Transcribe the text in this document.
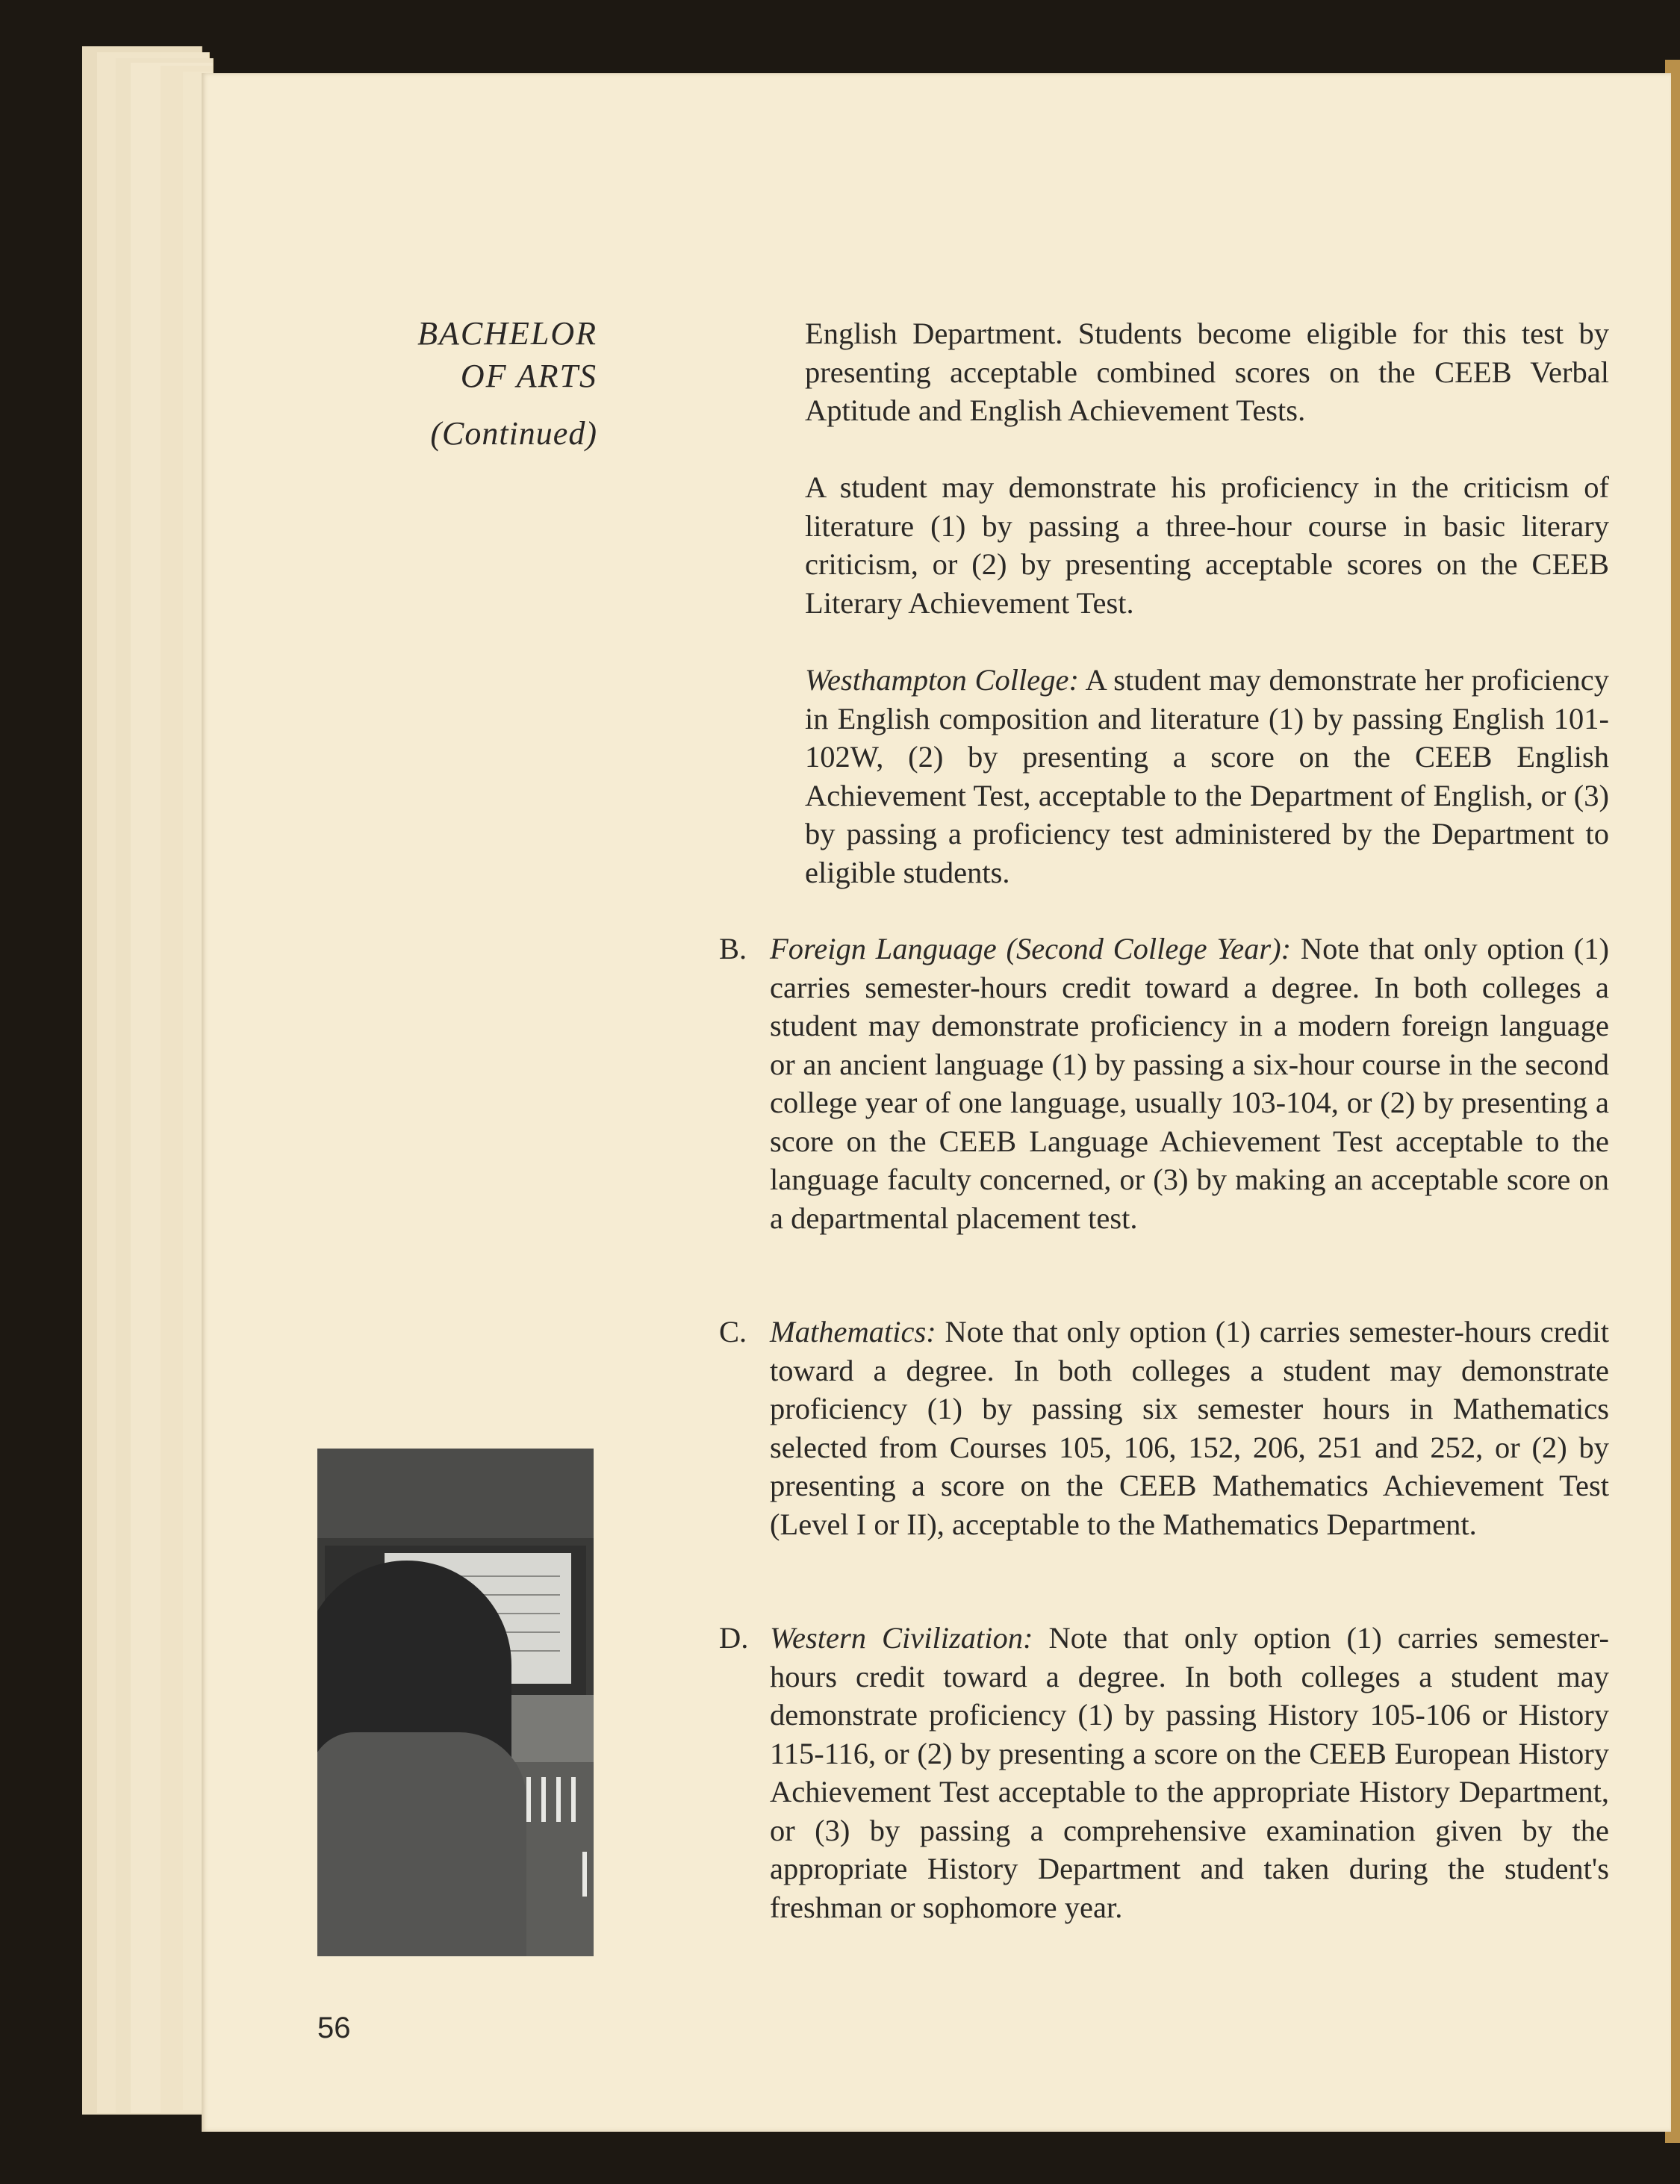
BACHELOR
OF ARTS
(Continued)

English Department. Students become eligible for this test by presenting acceptable combined scores on the CEEB Verbal Aptitude and English Achievement Tests.

A student may demonstrate his proficiency in the criticism of literature (1) by passing a three-hour course in basic literary criticism, or (2) by presenting acceptable scores on the CEEB Literary Achievement Test.

Westhampton College: A student may demonstrate her proficiency in English composition and literature (1) by passing English 101-102W, (2) by presenting a score on the CEEB English Achievement Test, acceptable to the Department of English, or (3) by passing a proficiency test administered by the Department to eligible students.

B. Foreign Language (Second College Year): Note that only option (1) carries semester-hours credit toward a degree. In both colleges a student may demonstrate proficiency in a modern foreign language or an ancient language (1) by passing a six-hour course in the second college year of one language, usually 103-104, or (2) by presenting a score on the CEEB Language Achievement Test acceptable to the language faculty concerned, or (3) by making an acceptable score on a departmental placement test.

C. Mathematics: Note that only option (1) carries semester-hours credit toward a degree. In both colleges a student may demonstrate proficiency (1) by passing six semester hours in Mathematics selected from Courses 105, 106, 152, 206, 251 and 252, or (2) by presenting a score on the CEEB Mathematics Achievement Test (Level I or II), acceptable to the Mathematics Department.

D. Western Civilization: Note that only option (1) carries semester-hours credit toward a degree. In both colleges a student may demonstrate proficiency (1) by passing History 105-106 or History 115-116, or (2) by presenting a score on the CEEB European History Achievement Test acceptable to the appropriate History Department, or (3) by passing a comprehensive examination given by the appropriate History Department and taken during the student's freshman or sophomore year.

56
